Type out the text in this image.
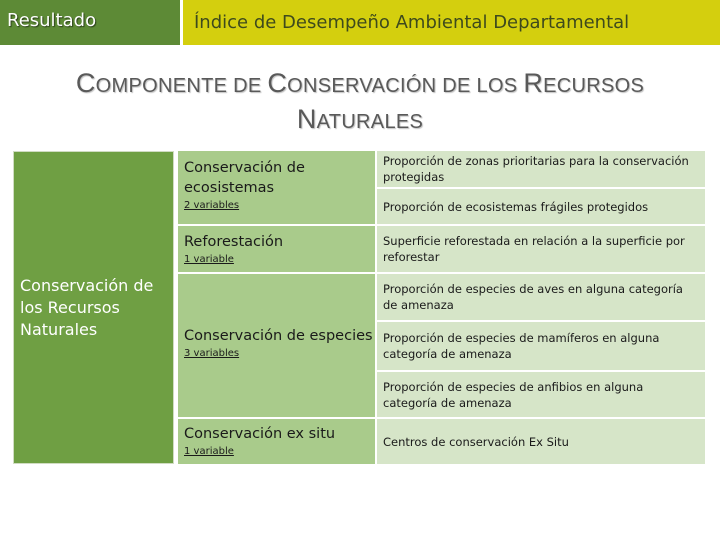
Resultado	Índice de Desempeño Ambiental Departamental
COMPONENTE DE CONSERVACIÓN DE LOS RECURSOS
NATURALES
Conservación de los Recursos Naturales
Conservación de ecosistemas
2 variables
Reforestación
1 variable
Conservación de especies
3 variables
Conservación ex situ
1 variable
Proporción de zonas prioritarias para la conservación protegidas
Proporción de ecosistemas frágiles protegidos
Superficie reforestada en relación a la superficie por reforestar
Proporción de especies de aves en alguna categoría de amenaza
Proporción de especies de mamíferos en alguna categoría de amenaza
Proporción de especies de anfibios en alguna categoría de amenaza
Centros de conservación Ex Situ
